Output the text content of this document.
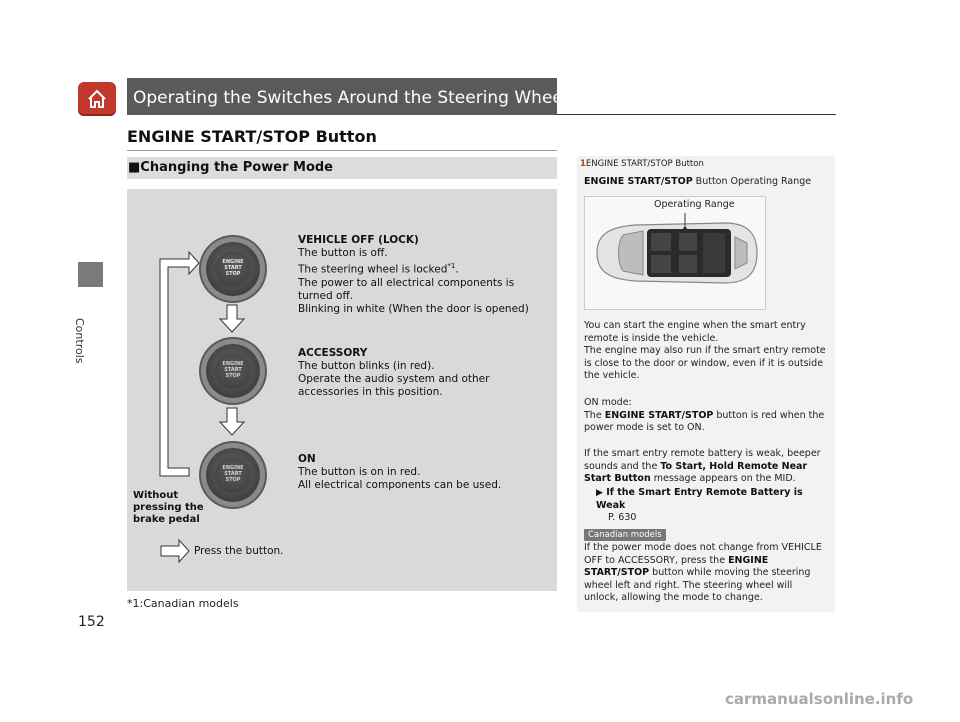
Controls
152
Operating the Switches Around the Steering Wheel
ENGINE START/STOP Button
■Changing the Power Mode
ENGINE
START
STOP
ENGINE
START
STOP
ENGINE
START
STOP
VEHICLE OFF (LOCK)
The button is off.
The steering wheel is locked$^{*1}$.
The power to all electrical components is turned off.
Blinking in white (When the door is opened)
ACCESSORY
The button blinks (in red).
Operate the audio system and other accessories in this position.
ON
The button is on in red.
All electrical components can be used.
Without
pressing the
brake pedal
Press the button.
*1:Canadian models
1ENGINE START/STOP Button
ENGINE START/STOP Button Operating Range
Operating Range
You can start the engine when the smart entry remote is inside the vehicle.
The engine may also run if the smart entry remote is close to the door or window, even if it is outside the vehicle.
ON mode:
The ENGINE START/STOP button is red when the power mode is set to ON.
If the smart entry remote battery is weak, beeper sounds and the To Start, Hold Remote Near Start Button message appears on the MID.
▶ If the Smart Entry Remote Battery is Weak
P. 630
Canadian models
If the power mode does not change from VEHICLE OFF to ACCESSORY, press the ENGINE START/STOP button while moving the steering wheel left and right. The steering wheel will unlock, allowing the mode to change.
carmanualsonline.info
